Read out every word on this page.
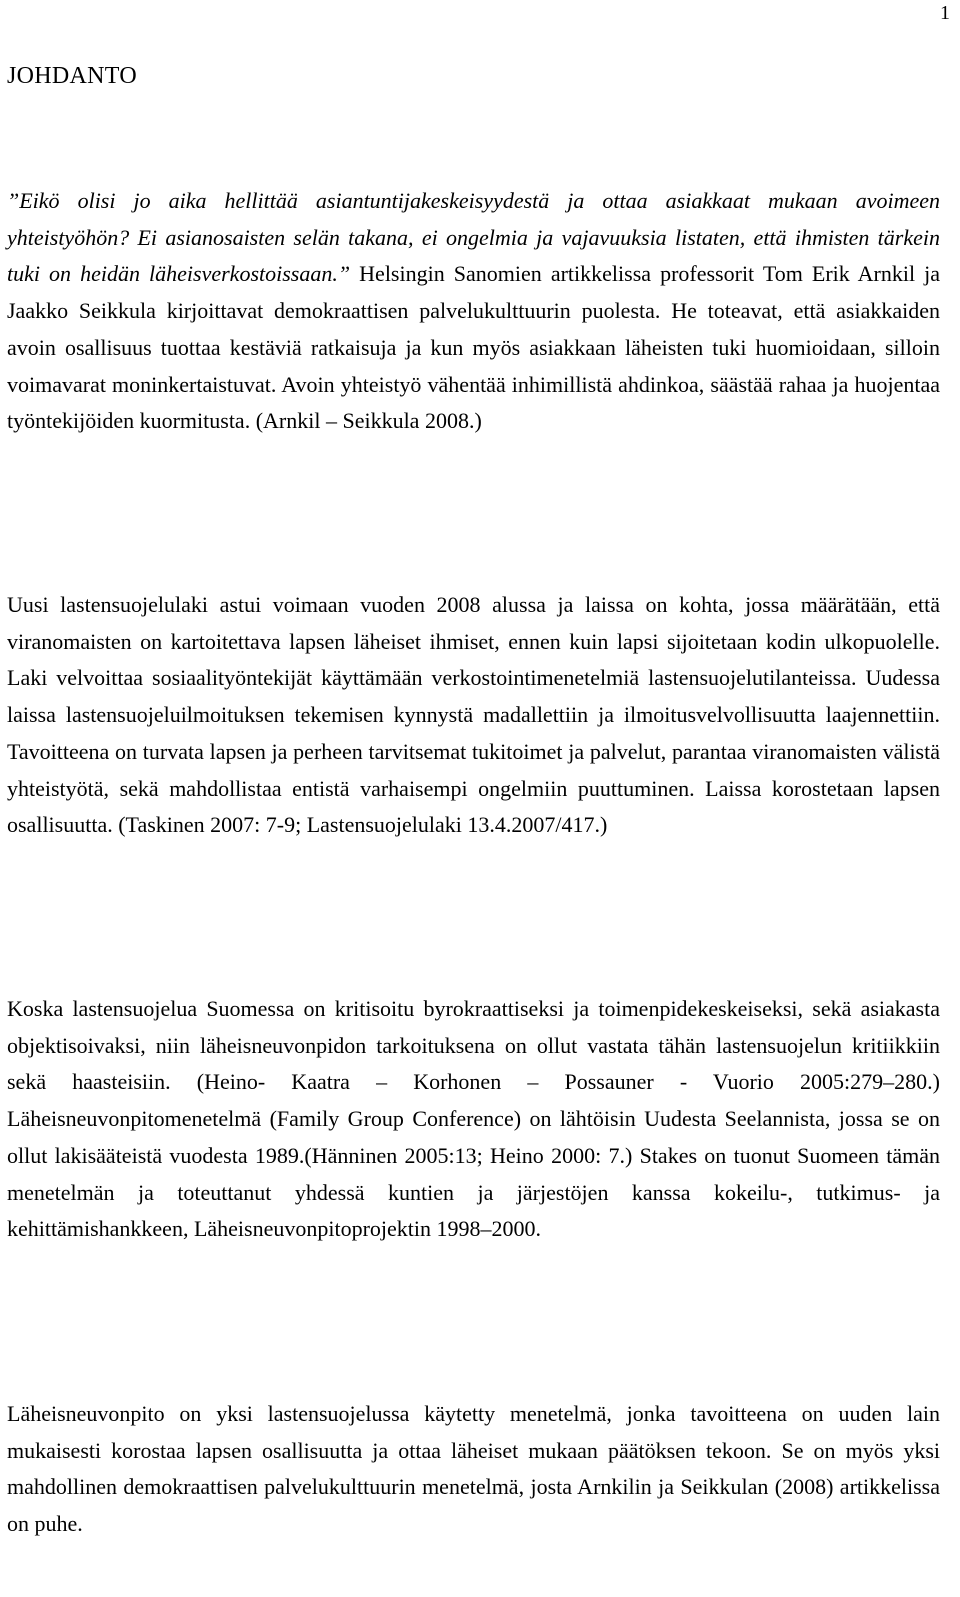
1
JOHDANTO

”Eikö olisi jo aika hellittää asiantuntijakeskeisyydestä ja ottaa asiakkaat mukaan avoimeen yhteistyöhön? Ei asianosaisten selän takana, ei ongelmia ja vajavuuksia listaten, että ihmisten tärkein tuki on heidän läheisverkostoissaan.” Helsingin Sanomien artikkelissa professorit Tom Erik Arnkil ja Jaakko Seikkula kirjoittavat demokraattisen palvelukulttuurin puolesta. He toteavat, että asiakkaiden avoin osallisuus tuottaa kestäviä ratkaisuja ja kun myös asiakkaan läheisten tuki huomioidaan, silloin voimavarat moninkertaistuvat. Avoin yhteistyö vähentää inhimillistä ahdinkoa, säästää rahaa ja huojentaa työntekijöiden kuormitusta. (Arnkil – Seikkula 2008.)

Uusi lastensuojelulaki astui voimaan vuoden 2008 alussa ja laissa on kohta, jossa määrätään, että viranomaisten on kartoitettava lapsen läheiset ihmiset, ennen kuin lapsi sijoitetaan kodin ulkopuolelle. Laki velvoittaa sosiaalityöntekijät käyttämään verkostointimenetelmiä lastensuojelutilanteissa. Uudessa laissa lastensuojeluilmoituksen tekemisen kynnystä madallettiin ja ilmoitusvelvollisuutta laajennettiin. Tavoitteena on turvata lapsen ja perheen tarvitsemat tukitoimet ja palvelut, parantaa viranomaisten välistä yhteistyötä, sekä mahdollistaa entistä varhaisempi ongelmiin puuttuminen. Laissa korostetaan lapsen osallisuutta. (Taskinen 2007: 7-9; Lastensuojelulaki 13.4.2007/417.)

Koska lastensuojelua Suomessa on kritisoitu byrokraattiseksi ja toimenpidekeskeiseksi, sekä asiakasta objektisoivaksi, niin läheisneuvonpidon tarkoituksena on ollut vastata tähän lastensuojelun kritiikkiin sekä haasteisiin. (Heino- Kaatra – Korhonen – Possauner - Vuorio 2005:279–280.) Läheisneuvonpitomenetelmä (Family Group Conference) on lähtöisin Uudesta Seelannista, jossa se on ollut lakisääteistä vuodesta 1989.(Hänninen 2005:13; Heino 2000: 7.) Stakes on tuonut Suomeen tämän menetelmän ja toteuttanut yhdessä kuntien ja järjestöjen kanssa kokeilu-, tutkimus- ja kehittämishankkeen, Läheisneuvonpitoprojektin 1998–2000.

Läheisneuvonpito on yksi lastensuojelussa käytetty menetelmä, jonka tavoitteena on uuden lain mukaisesti korostaa lapsen osallisuutta ja ottaa läheiset mukaan päätöksen tekoon. Se on myös yksi mahdollinen demokraattisen palvelukulttuurin menetelmä, josta Arnkilin ja Seikkulan (2008) artikkelissa on puhe.
